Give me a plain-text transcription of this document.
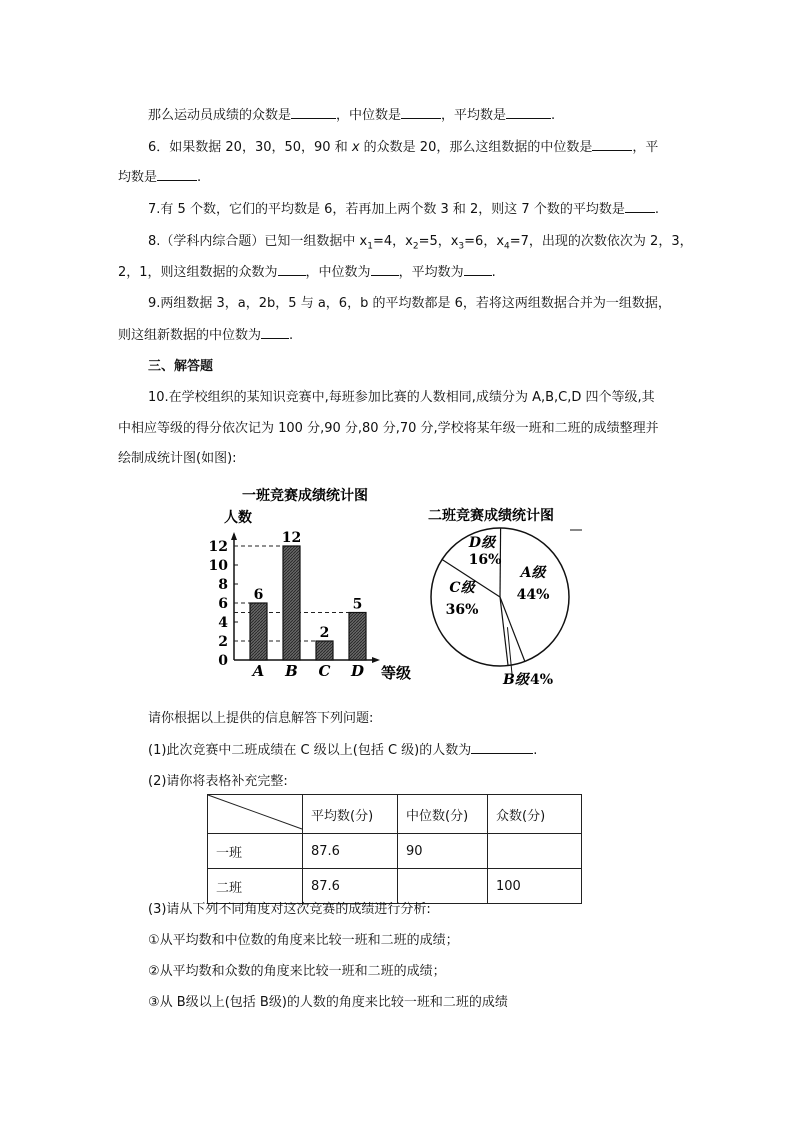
那么运动员成绩的众数是	，中位数是	，平均数是	.
6．如果数据 20，30，50，90 和 x 的众数是 20，那么这组数据的中位数是	，平
均数是	.
7.有 5 个数，它们的平均数是 6，若再加上两个数 3 和 2，则这 7 个数的平均数是 .
8.（学科内综合题）已知一组数据中 $x_1=4$，$x_2=5$，$x_3=6$，$x_4=7$，出现的次数依次为 2，3，
2，1，则这组数据的众数为 ，中位数为 ，平均数为 .
9.两组数据 3，a，2b，5 与 a，6，b 的平均数都是 6，若将这两组数据合并为一组数据，
则这组新数据的中位数为 .
三、解答题
10.在学校组织的某知识竞赛中,每班参加比赛的人数相同,成绩分为 A,B,C,D 四个等级,其
中相应等级的得分依次记为 100 分,90 分,80 分,70 分,学校将某年级一班和二班的成绩整理并
绘制成统计图(如图):
一班竞赛成绩统计图
人数
0
2
4
6
8
10
12
6
A
12
B
2
C
5
D 等级
二班竞赛成绩统计图
A级
44%
C级
36%
D级
16%
B级 4%
请你根据以上提供的信息解答下列问题:
(1)此次竞赛中二班成绩在 C 级以上(包括 C 级)的人数为	.
(2)请你将表格补充完整:
	平均数(分)	中位数(分)	众数(分)
一班	87.6	90	
二班	87.6		100
(3)请从下列不同角度对这次竞赛的成绩进行分析:
①从平均数和中位数的角度来比较一班和二班的成绩；
②从平均数和众数的角度来比较一班和二班的成绩；
③从 B级以上(包括 B级)的人数的角度来比较一班和二班的成绩
